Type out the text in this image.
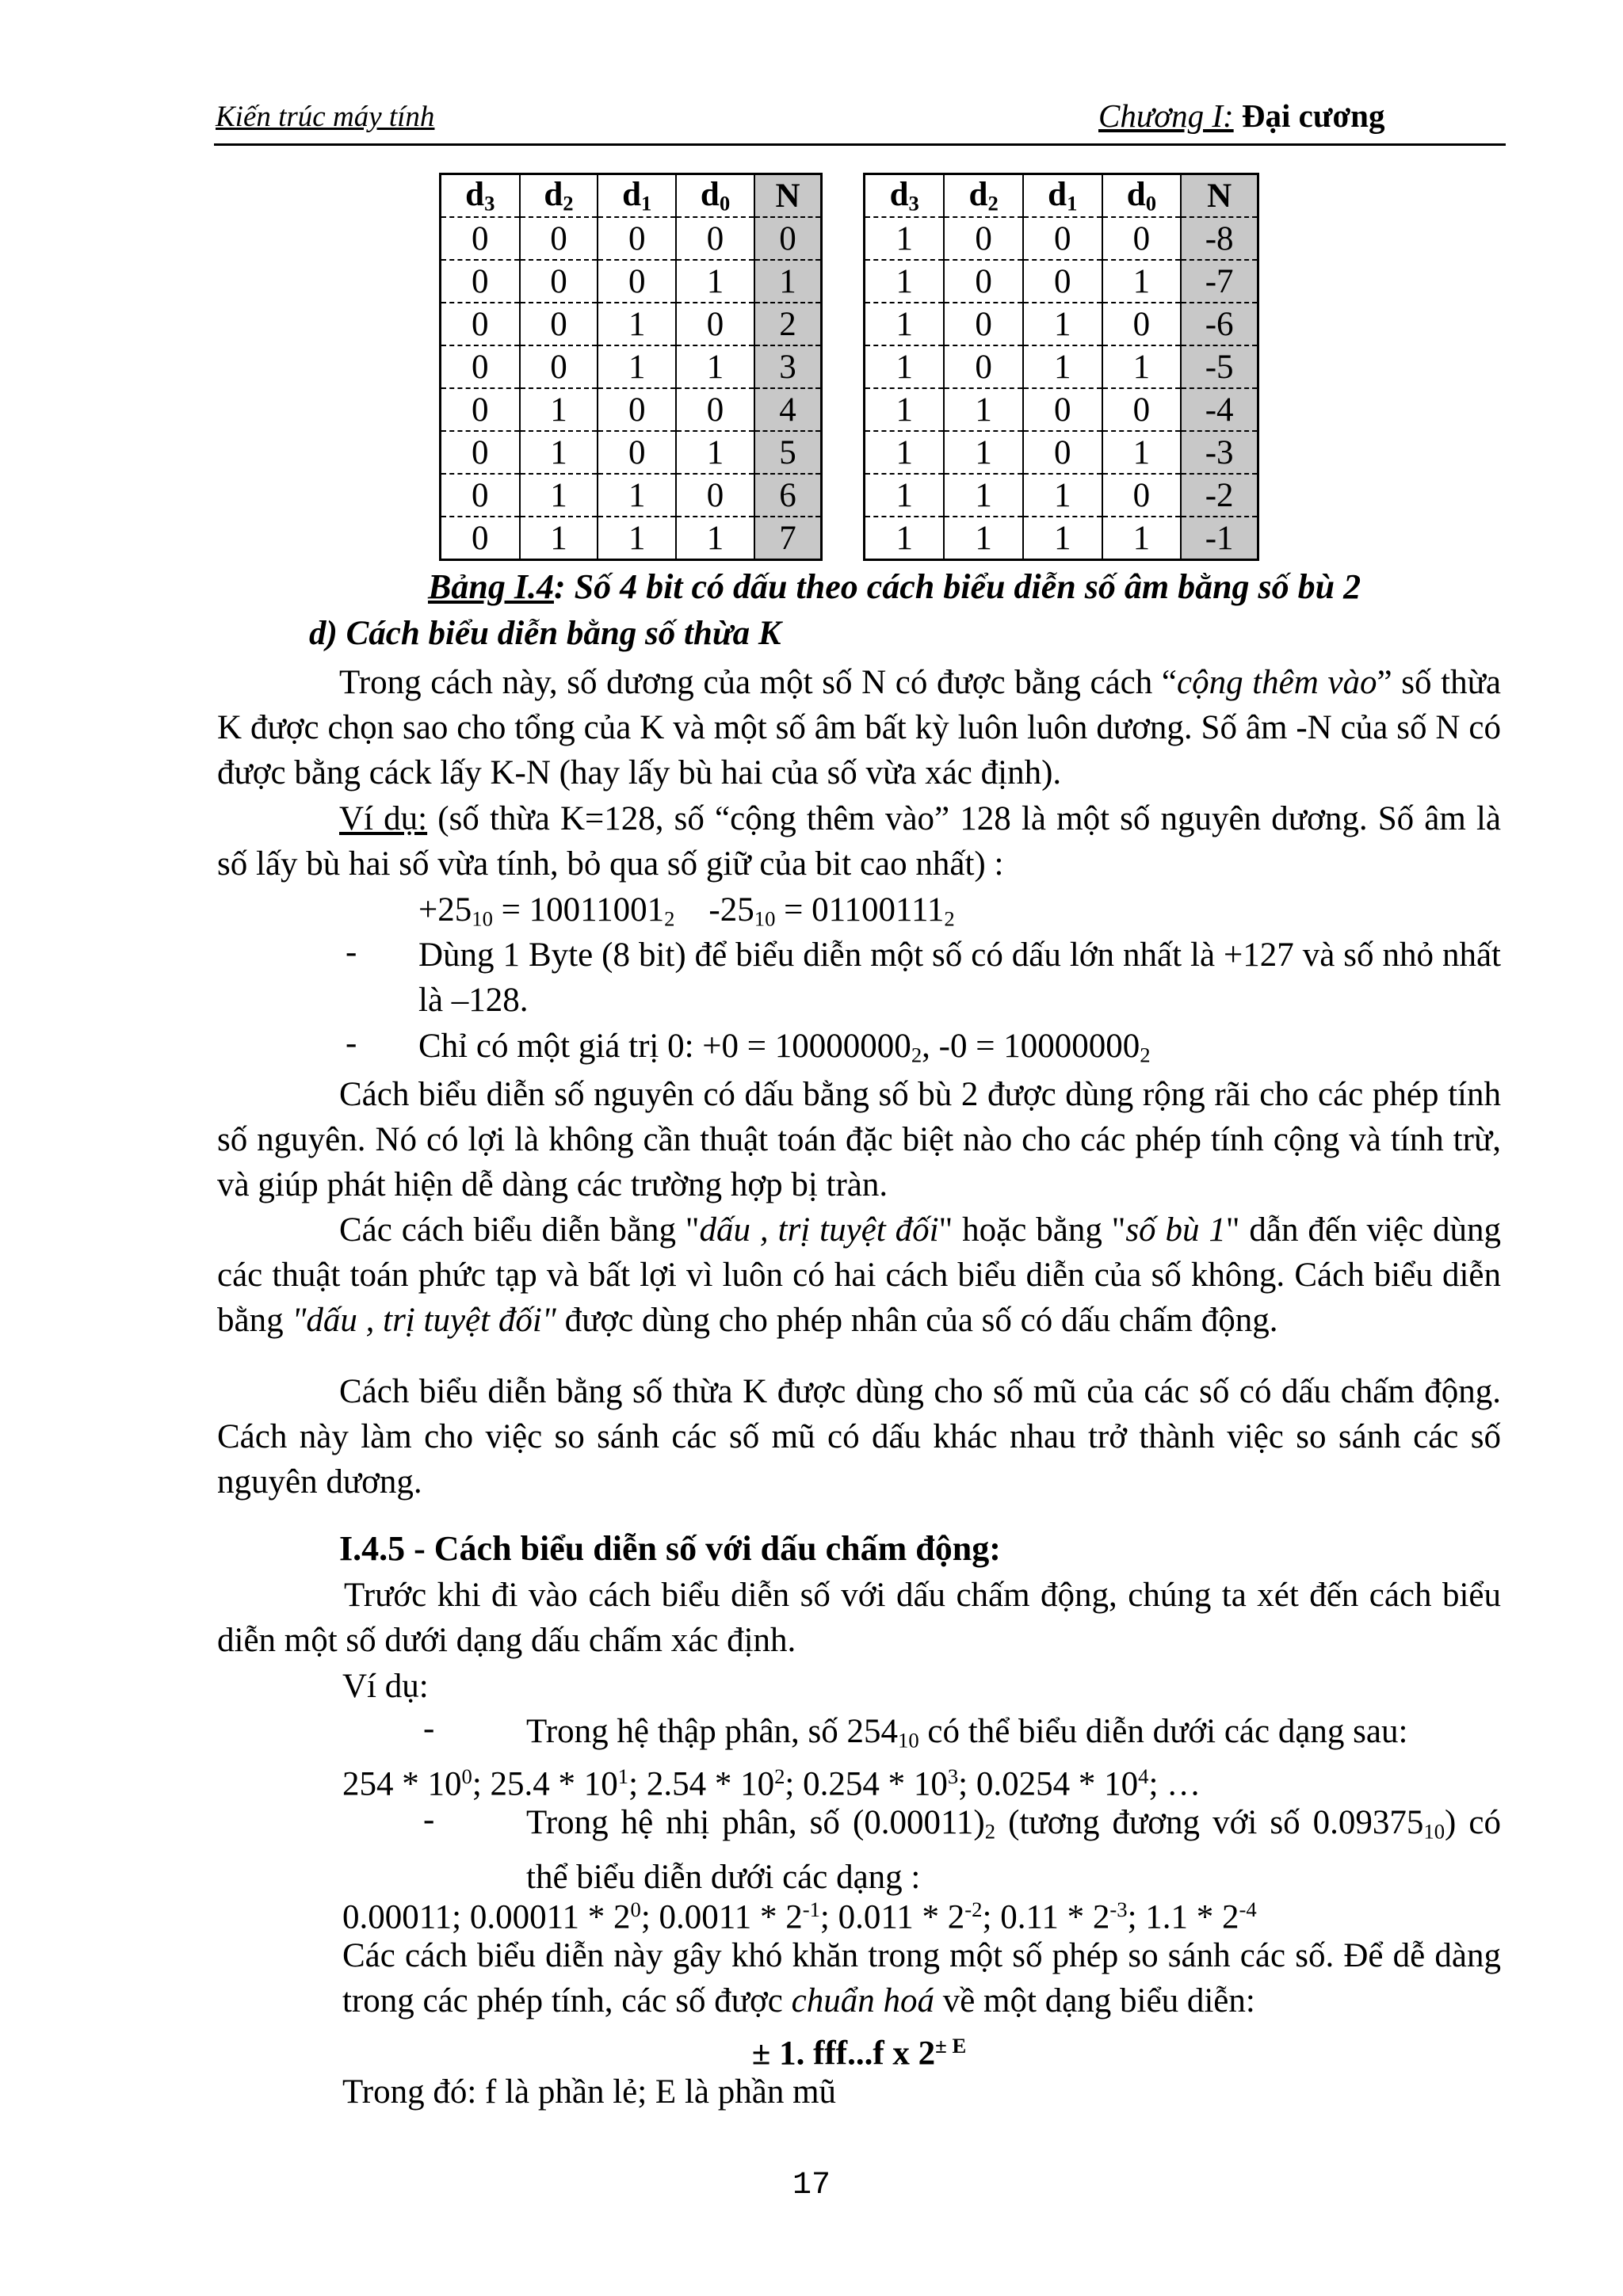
Kiến trúc máy tính	Chương I: Đại cương
$d_3$	$d_2$	$d_1$	$d_0$	N
0	0	0	0	0
0	0	0	1	1
0	0	1	0	2
0	0	1	1	3
0	1	0	0	4
0	1	0	1	5
0	1	1	0	6
0	1	1	1	7
$d_3$	$d_2$	$d_1$	$d_0$	N
1	0	0	0	-8
1	0	0	1	-7
1	0	1	0	-6
1	0	1	1	-5
1	1	0	0	-4
1	1	0	1	-3
1	1	1	0	-2
1	1	1	1	-1
Bảng I.4: Số 4 bit có dấu theo cách biểu diễn số âm bằng số bù 2
d) Cách biểu diễn bằng số thừa K
Trong cách này, số dương của một số N có được bằng cách “cộng thêm vào” số thừa K được chọn sao cho tổng của K và một số âm bất kỳ luôn luôn dương. Số âm -N của số N có được bằng cáck lấy K-N (hay lấy bù hai của số vừa xác định).
Ví dụ: (số thừa K=128, số “cộng thêm vào” 128 là một số nguyên dương. Số âm là số lấy bù hai số vừa tính, bỏ qua số giữ của bit cao nhất) :
$+25_{10} = 10011001_2$ $-25_{10} = 01100111_2$
- Dùng 1 Byte (8 bit) để biểu diễn một số có dấu lớn nhất là +127 và số nhỏ nhất là –128.
- Chỉ có một giá trị 0: $+0 = 10000000_2$, $-0 = 10000000_2$
Cách biểu diễn số nguyên có dấu bằng số bù 2 được dùng rộng rãi cho các phép tính số nguyên. Nó có lợi là không cần thuật toán đặc biệt nào cho các phép tính cộng và tính trừ, và giúp phát hiện dễ dàng các trường hợp bị tràn.
Các cách biểu diễn bằng "dấu , trị tuyệt đối" hoặc bằng "số bù 1" dẫn đến việc dùng các thuật toán phức tạp và bất lợi vì luôn có hai cách biểu diễn của số không. Cách biểu diễn bằng "dấu , trị tuyệt đối" được dùng cho phép nhân của số có dấu chấm động.
Cách biểu diễn bằng số thừa K được dùng cho số mũ của các số có dấu chấm động. Cách này làm cho việc so sánh các số mũ có dấu khác nhau trở thành việc so sánh các số nguyên dương.
I.4.5 - Cách biểu diễn số với dấu chấm động:
Trước khi đi vào cách biểu diễn số với dấu chấm động, chúng ta xét đến cách biểu diễn một số dưới dạng dấu chấm xác định.
Ví dụ:
-	Trong hệ thập phân, số $254_{10}$ có thể biểu diễn dưới các dạng sau:
$254 * 10^0$; $25.4 * 10^1$; $2.54 * 10^2$; $0.254 * 10^3$; $0.0254 * 10^4$; …
-	Trong hệ nhị phân, số $(0.00011)_2$ (tương đương với số $0.09375_{10}$) có thể biểu diễn dưới các dạng :
0.00011; $0.00011 * 2^0$; $0.0011 * 2^{-1}$; $0.011 * 2^{-2}$; $0.11 * 2^{-3}$; $1.1 * 2^{-4}$
Các cách biểu diễn này gây khó khăn trong một số phép so sánh các số. Để dễ dàng trong các phép tính, các số được chuẩn hoá về một dạng biểu diễn:
± 1. fff...f x $2^{\pm E}$
Trong đó: f là phần lẻ; E là phần mũ
17
